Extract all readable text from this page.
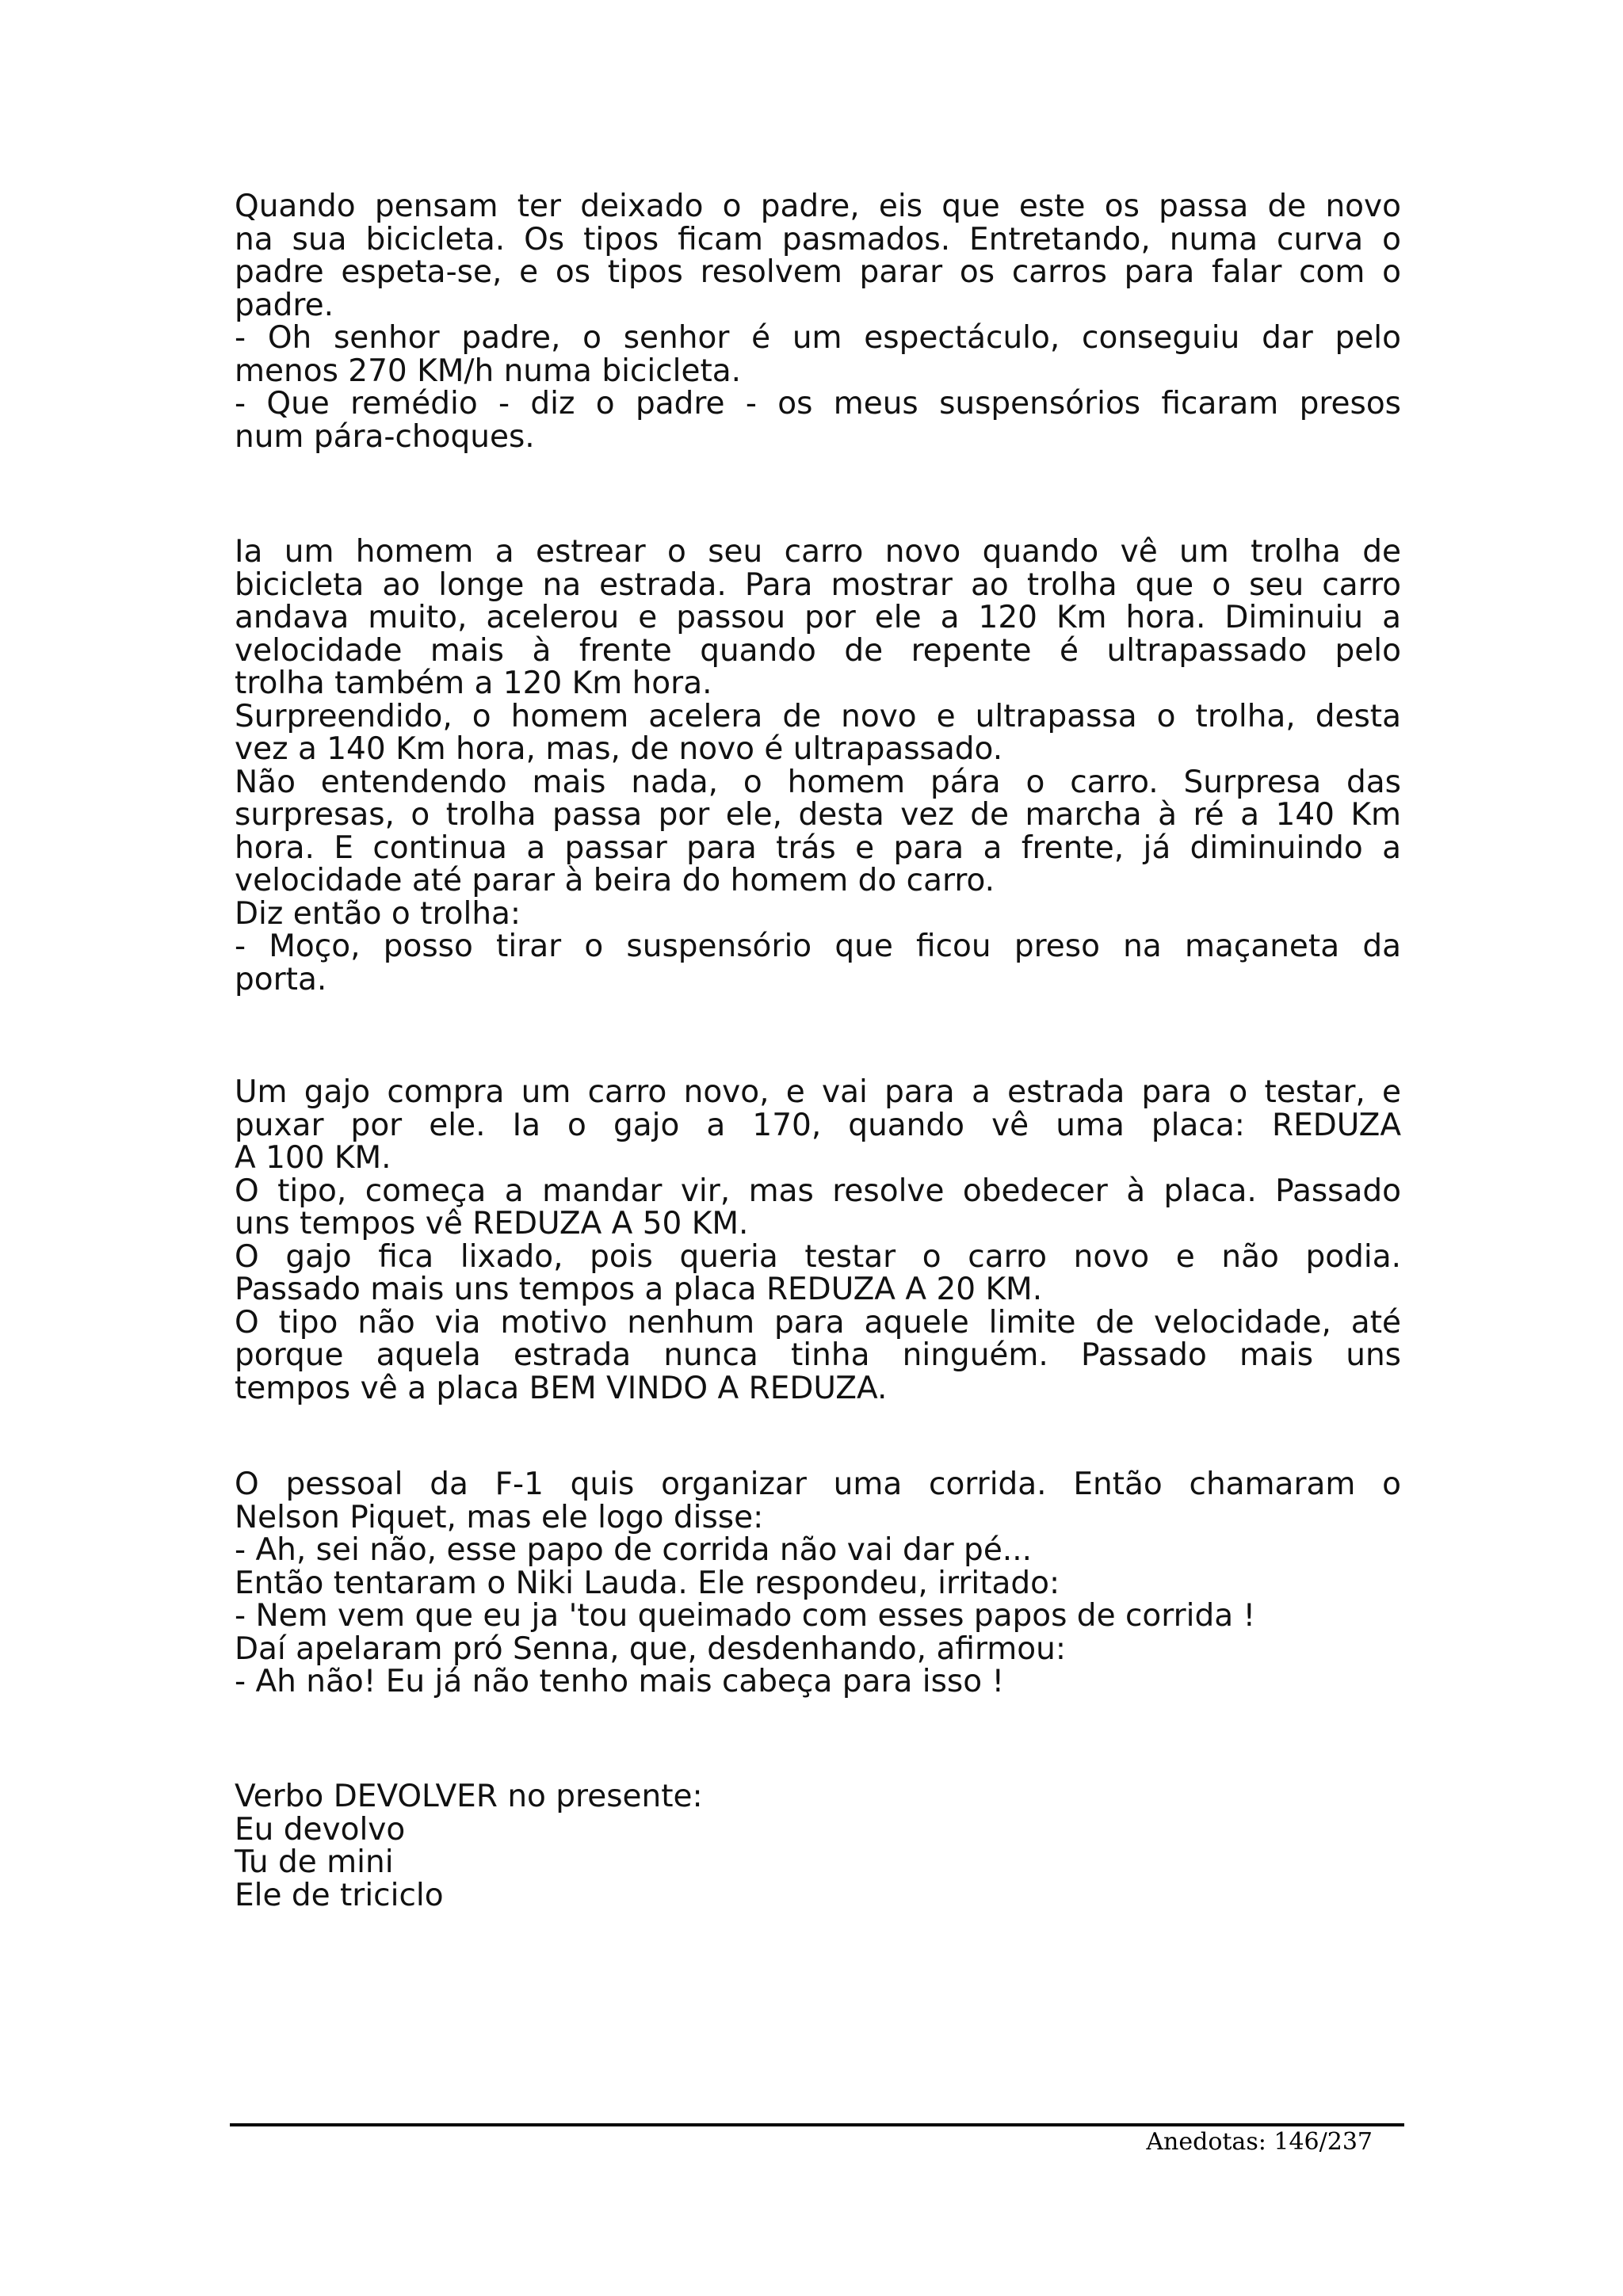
Quando pensam ter deixado o padre, eis que este os passa de novo
na sua bicicleta. Os tipos ficam pasmados. Entretando, numa curva o
padre espeta-se, e os tipos resolvem parar os carros para falar com o
padre.
- Oh senhor padre, o senhor é um espectáculo, conseguiu dar pelo
menos 270 KM/h numa bicicleta.
- Que remédio - diz o padre - os meus suspensórios ficaram presos
num pára-choques.
Ia um homem a estrear o seu carro novo quando vê um trolha de
bicicleta ao longe na estrada. Para mostrar ao trolha que o seu carro
andava muito, acelerou e passou por ele a 120 Km hora. Diminuiu a
velocidade mais à frente quando de repente é ultrapassado pelo
trolha também a 120 Km hora.
Surpreendido, o homem acelera de novo e ultrapassa o trolha, desta
vez a 140 Km hora, mas, de novo é ultrapassado.
Não entendendo mais nada, o homem pára o carro. Surpresa das
surpresas, o trolha passa por ele, desta vez de marcha à ré a 140 Km
hora. E continua a passar para trás e para a frente, já diminuindo a
velocidade até parar à beira do homem do carro.
Diz então o trolha:
- Moço, posso tirar o suspensório que ficou preso na maçaneta da
porta.
Um gajo compra um carro novo, e vai para a estrada para o testar, e
puxar por ele. Ia o gajo a 170, quando vê uma placa: REDUZA
A 100 KM.
O tipo, começa a mandar vir, mas resolve obedecer à placa. Passado
uns tempos vê REDUZA A 50 KM.
O gajo fica lixado, pois queria testar o carro novo e não podia.
Passado mais uns tempos a placa REDUZA A 20 KM.
O tipo não via motivo nenhum para aquele limite de velocidade, até
porque aquela estrada nunca tinha ninguém. Passado mais uns
tempos vê a placa BEM VINDO A REDUZA.
O pessoal da F-1 quis organizar uma corrida. Então chamaram o
Nelson Piquet, mas ele logo disse:
- Ah, sei não, esse papo de corrida não vai dar pé...
Então tentaram o Niki Lauda. Ele respondeu, irritado:
- Nem vem que eu ja 'tou queimado com esses papos de corrida !
Daí apelaram pró Senna, que, desdenhando, afirmou:
- Ah não! Eu já não tenho mais cabeça para isso !
Verbo DEVOLVER no presente:
Eu devolvo
Tu de mini
Ele de triciclo
Anedotas: 146/237
